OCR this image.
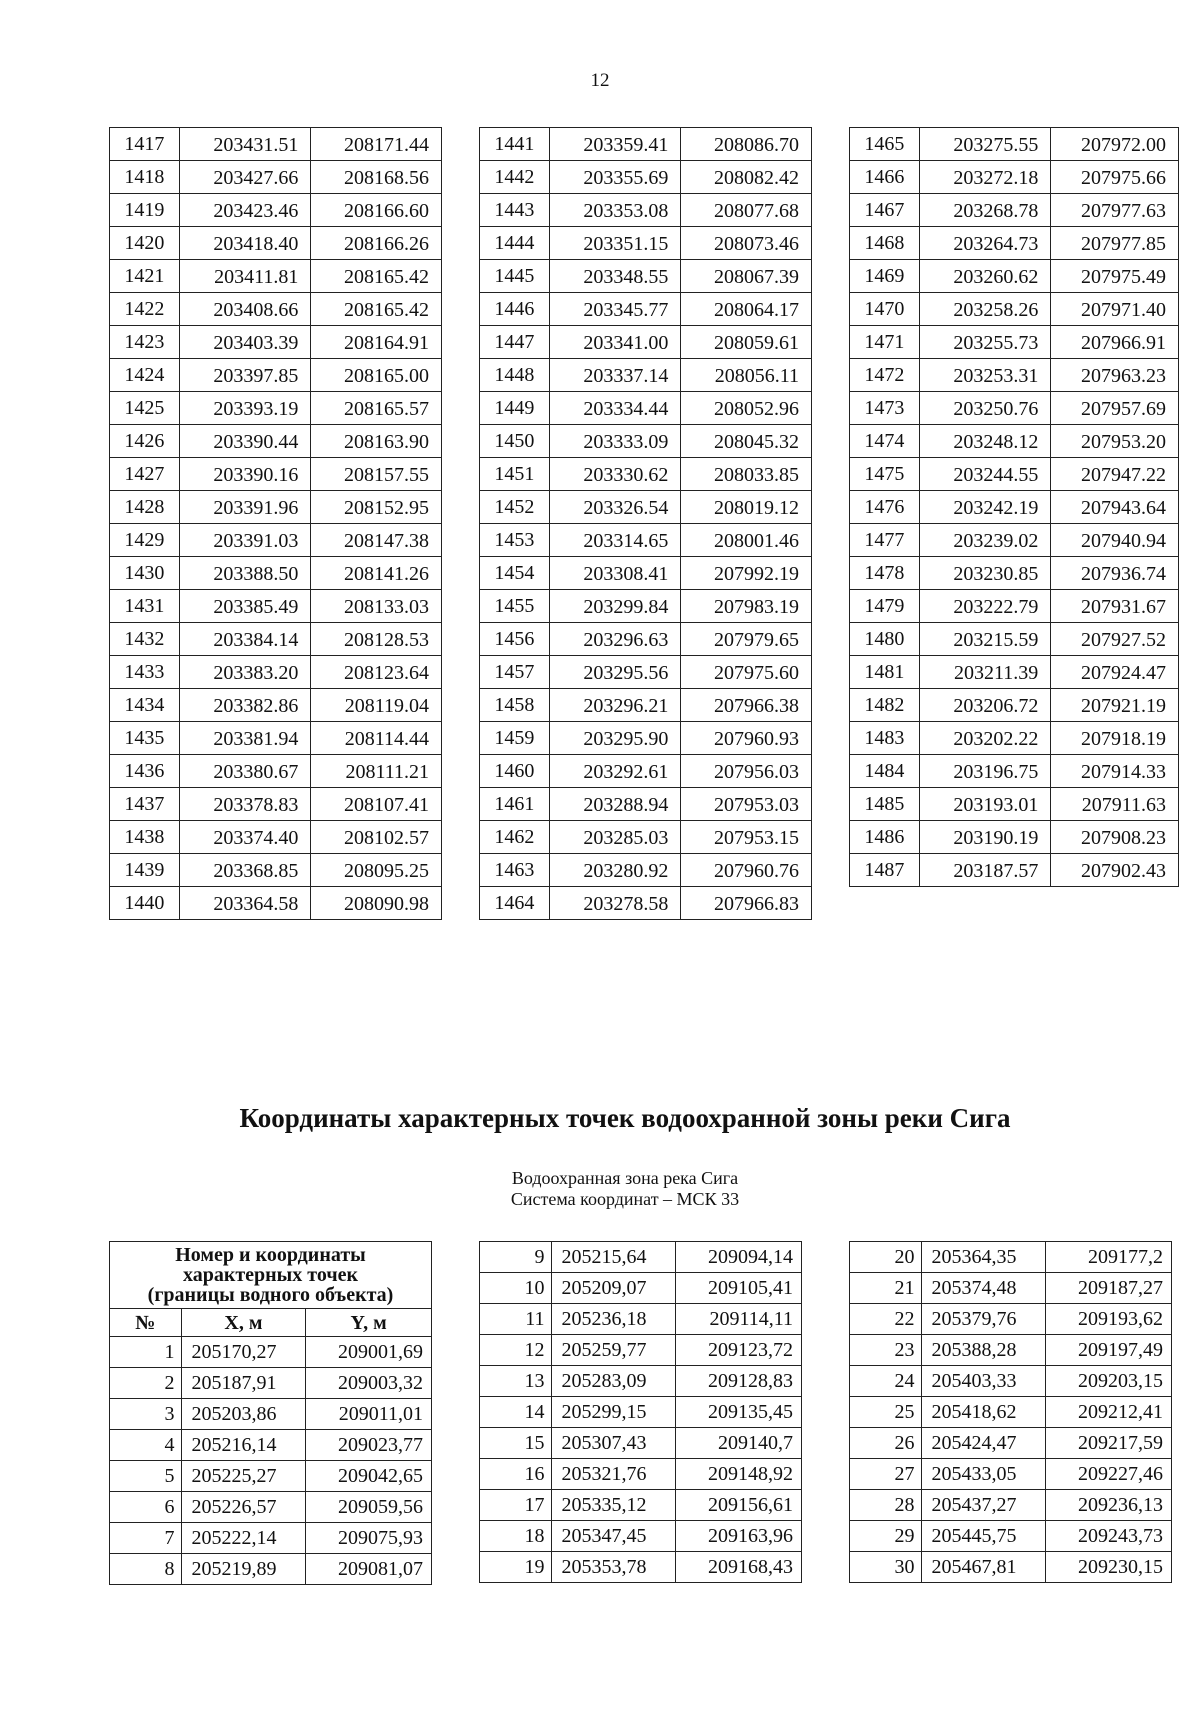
12
1417	203431.51	208171.44
1418	203427.66	208168.56
1419	203423.46	208166.60
1420	203418.40	208166.26
1421	203411.81	208165.42
1422	203408.66	208165.42
1423	203403.39	208164.91
1424	203397.85	208165.00
1425	203393.19	208165.57
1426	203390.44	208163.90
1427	203390.16	208157.55
1428	203391.96	208152.95
1429	203391.03	208147.38
1430	203388.50	208141.26
1431	203385.49	208133.03
1432	203384.14	208128.53
1433	203383.20	208123.64
1434	203382.86	208119.04
1435	203381.94	208114.44
1436	203380.67	208111.21
1437	203378.83	208107.41
1438	203374.40	208102.57
1439	203368.85	208095.25
1440	203364.58	208090.98
1441	203359.41	208086.70
1442	203355.69	208082.42
1443	203353.08	208077.68
1444	203351.15	208073.46
1445	203348.55	208067.39
1446	203345.77	208064.17
1447	203341.00	208059.61
1448	203337.14	208056.11
1449	203334.44	208052.96
1450	203333.09	208045.32
1451	203330.62	208033.85
1452	203326.54	208019.12
1453	203314.65	208001.46
1454	203308.41	207992.19
1455	203299.84	207983.19
1456	203296.63	207979.65
1457	203295.56	207975.60
1458	203296.21	207966.38
1459	203295.90	207960.93
1460	203292.61	207956.03
1461	203288.94	207953.03
1462	203285.03	207953.15
1463	203280.92	207960.76
1464	203278.58	207966.83
1465	203275.55	207972.00
1466	203272.18	207975.66
1467	203268.78	207977.63
1468	203264.73	207977.85
1469	203260.62	207975.49
1470	203258.26	207971.40
1471	203255.73	207966.91
1472	203253.31	207963.23
1473	203250.76	207957.69
1474	203248.12	207953.20
1475	203244.55	207947.22
1476	203242.19	207943.64
1477	203239.02	207940.94
1478	203230.85	207936.74
1479	203222.79	207931.67
1480	203215.59	207927.52
1481	203211.39	207924.47
1482	203206.72	207921.19
1483	203202.22	207918.19
1484	203196.75	207914.33
1485	203193.01	207911.63
1486	203190.19	207908.23
1487	203187.57	207902.43
Координаты характерных точек водоохранной зоны реки Сига
Водоохранная зона река Сига
Система координат – МСК 33
Номер и координаты
характерных точек
(границы водного объекта)		

№	X, м	Y, м
1	205170,27	209001,69
2	205187,91	209003,32
3	205203,86	209011,01
4	205216,14	209023,77
5	205225,27	209042,65
6	205226,57	209059,56
7	205222,14	209075,93
8	205219,89	209081,07
9	205215,64	209094,14
10	205209,07	209105,41
11	205236,18	209114,11
12	205259,77	209123,72
13	205283,09	209128,83
14	205299,15	209135,45
15	205307,43	209140,7
16	205321,76	209148,92
17	205335,12	209156,61
18	205347,45	209163,96
19	205353,78	209168,43
20	205364,35	209177,2
21	205374,48	209187,27
22	205379,76	209193,62
23	205388,28	209197,49
24	205403,33	209203,15
25	205418,62	209212,41
26	205424,47	209217,59
27	205433,05	209227,46
28	205437,27	209236,13
29	205445,75	209243,73
30	205467,81	209230,15
